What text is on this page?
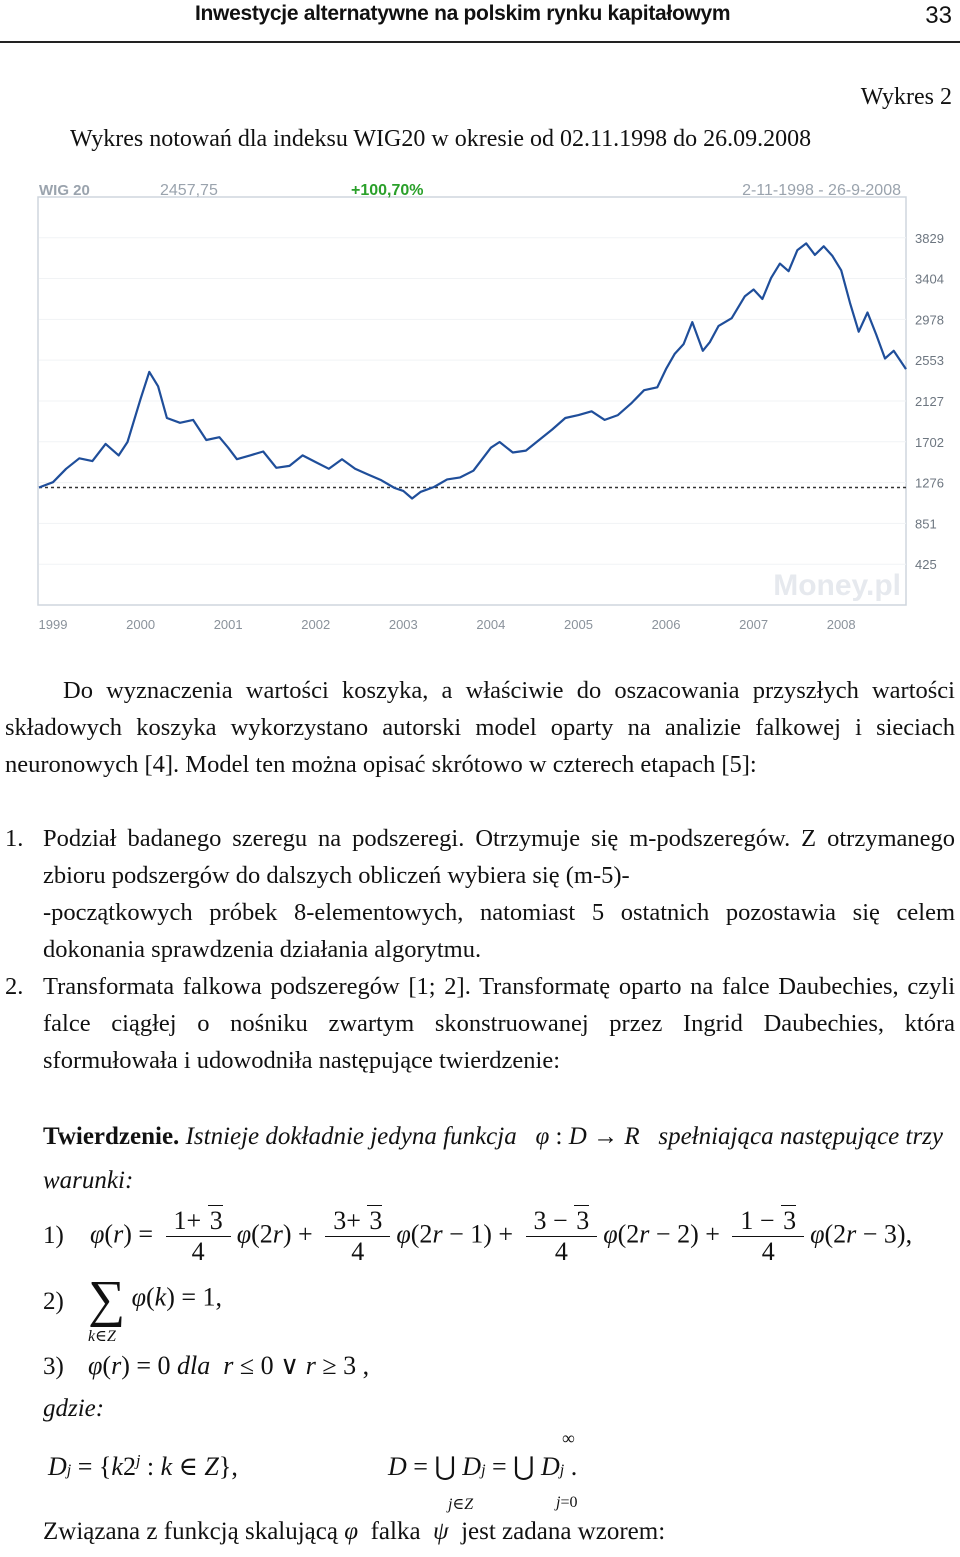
Inwestycje alternatywne na polskim rynku kapitałowym	33
Wykres 2
Wykres notowań dla indeksu WIG20 w okresie od 02.11.1998 do 26.09.2008
WIG 20	2457,75	+100,70%	2-11-1998 - 26-9-2008
3829
3404
2978
2553
2127
1702
1276
851
425
1999	2000	2001	2002	2003	2004	2005	2006	2007	2008
Money.pl
Do wyznaczenia wartości koszyka, a właściwie do oszacowania przyszłych wartości składowych koszyka wykorzystano autorski model oparty na analizie falkowej i sieciach neuronowych [4]. Model ten można opisać skrótowo w czterech etapach [5]:
1. Podział badanego szeregu na podszeregi. Otrzymuje się m-podszeregów. Z otrzymanego zbioru podszergów do dalszych obliczeń wybiera się (m-5)-
-początkowych próbek 8-elementowych, natomiast 5 ostatnich pozostawia się celem dokonania sprawdzenia działania algorytmu.
2. Transformata falkowa podszeregów [1; 2]. Transformatę oparto na falce Daubechies, czyli falce ciągłej o nośniku zwartym skonstruowanej przez Ingrid Daubechies, która sformułowała i udowodniła następujące twierdzenie:
Twierdzenie. Istnieje dokładnie jedyna funkcja φ : D → R spełniająca następujące trzy warunki:
1) $\varphi(r) = \frac{1+ 3}{4} \varphi(2r) + \frac{3+ 3}{4} \varphi(2r - 1) + \frac{3 - 3}{4} \varphi(2r - 2) + \frac{1 - 3}{4} \varphi(2r - 3)$,
2) ∑ φ(k) = 1,
k∈Z
3) φ(r) = 0 dla r ≤ 0 ∨ r ≥ 3 ,
gdzie:
$Dj = \{k2^j$ : k ∈ Z},	D = ⋃ Dj = ⋃ Dj .
j∈Z	j=0
∞
Związana z funkcją skalującą φ  falka  ψ  jest zadana wzorem:
